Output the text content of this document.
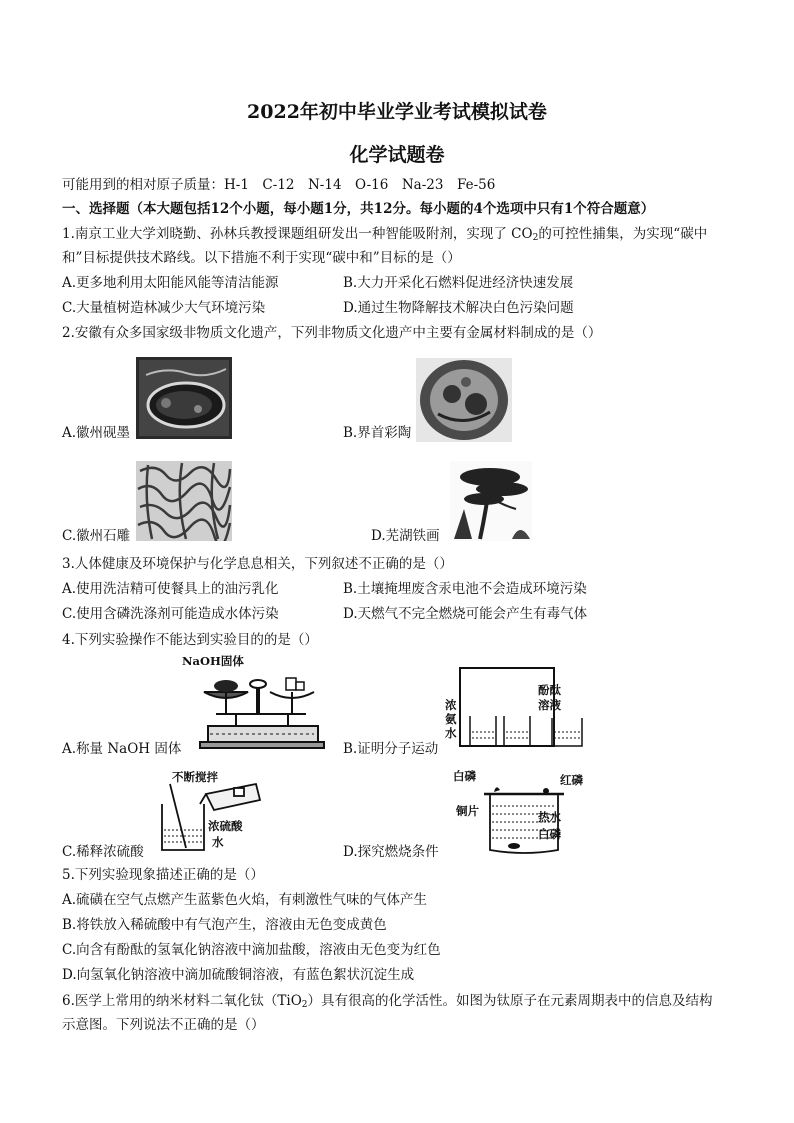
2022年初中毕业学业考试模拟试卷
化学试题卷
可能用到的相对原子质量：H-1　C-12　N-14　O-16　Na-23　Fe-56
一、选择题（本大题包括12个小题，每小题1分，共12分。每小题的4个选项中只有1个符合题意）
1.南京工业大学刘晓勤、孙林兵教授课题组研发出一种智能吸附剂，实现了 $CO_2$的可控性捕集，为实现“碳中
和”目标提供技术路线。以下措施不利于实现“碳中和”目标的是（）
A.更多地利用太阳能风能等清洁能源	B.大力开采化石燃料促进经济快速发展
C.大量植树造林减少大气环境污染	D.通过生物降解技术解决白色污染问题
2.安徽有众多国家级非物质文化遗产，下列非物质文化遗产中主要有金属材料制成的是（）
A.徽州砚墨	B.界首彩陶
C.徽州石雕	D.芜湖铁画
3.人体健康及环境保护与化学息息相关，下列叙述不正确的是（）
A.使用洗洁精可使餐具上的油污乳化	B.土壤掩埋废含汞电池不会造成环境污染
C.使用含磷洗涤剂可能造成水体污染	D.天燃气不完全燃烧可能会产生有毒气体
4.下列实验操作不能达到实验目的的是（）
NaOH固体
A.称量 NaOH 固体
浓
氨
水
酚酞
溶液
B.证明分子运动
不断搅拌
浓硫酸
水
C.稀释浓硫酸
白磷	红磷
铜片	热水
白磷
D.探究燃烧条件
5.下列实验现象描述正确的是（）
A.硫磺在空气点燃产生蓝紫色火焰，有刺激性气味的气体产生
B.将铁放入稀硫酸中有气泡产生，溶液由无色变成黄色
C.向含有酚酞的氢氧化钠溶液中滴加盐酸，溶液由无色变为红色
D.向氢氧化钠溶液中滴加硫酸铜溶液，有蓝色絮状沉淀生成
6.医学上常用的纳米材料二氧化钛（TiO$_2$）具有很高的化学活性。如图为钛原子在元素周期表中的信息及结构
示意图。下列说法不正确的是（）
